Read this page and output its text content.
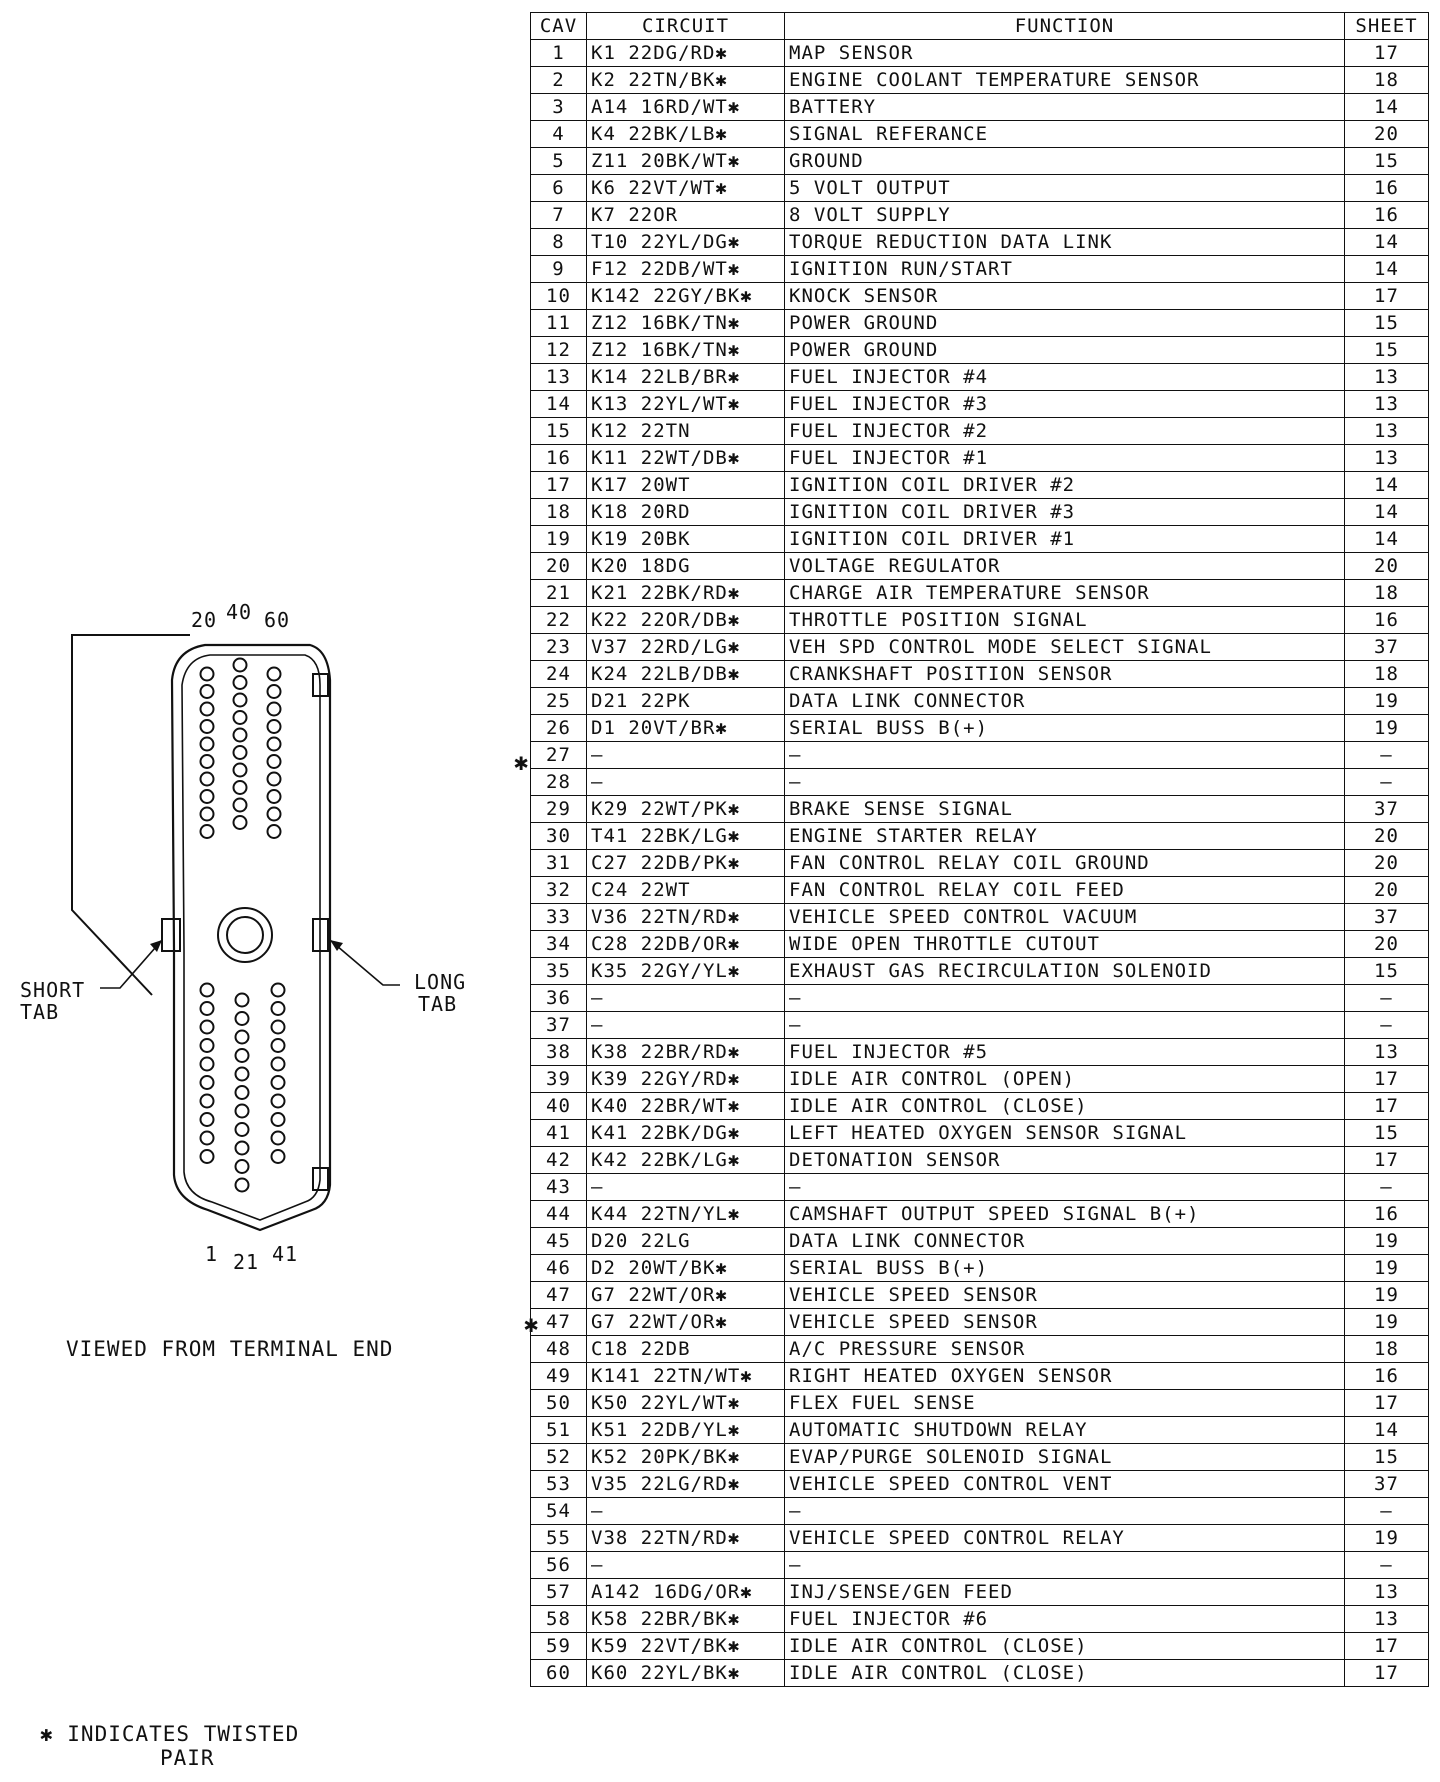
20 40 60
1 21 41
SHORT
TAB
LONG
TAB
VIEWED FROM TERMINAL END
✱ INDICATES TWISTED
PAIR
✱
✱
CAV	CIRCUIT	FUNCTION	SHEET
1	K1 22DG/RD✱	MAP SENSOR	17
2	K2 22TN/BK✱	ENGINE COOLANT TEMPERATURE SENSOR	18
3	A14 16RD/WT✱	BATTERY	14
4	K4 22BK/LB✱	SIGNAL REFERANCE	20
5	Z11 20BK/WT✱	GROUND	15
6	K6 22VT/WT✱	5 VOLT OUTPUT	16
7	K7 22OR	8 VOLT SUPPLY	16
8	T10 22YL/DG✱	TORQUE REDUCTION DATA LINK	14
9	F12 22DB/WT✱	IGNITION RUN/START	14
10	K142 22GY/BK✱	KNOCK SENSOR	17
11	Z12 16BK/TN✱	POWER GROUND	15
12	Z12 16BK/TN✱	POWER GROUND	15
13	K14 22LB/BR✱	FUEL INJECTOR #4	13
14	K13 22YL/WT✱	FUEL INJECTOR #3	13
15	K12 22TN	FUEL INJECTOR #2	13
16	K11 22WT/DB✱	FUEL INJECTOR #1	13
17	K17 20WT	IGNITION COIL DRIVER #2	14
18	K18 20RD	IGNITION COIL DRIVER #3	14
19	K19 20BK	IGNITION COIL DRIVER #1	14
20	K20 18DG	VOLTAGE REGULATOR	20
21	K21 22BK/RD✱	CHARGE AIR TEMPERATURE SENSOR	18
22	K22 22OR/DB✱	THROTTLE POSITION SIGNAL	16
23	V37 22RD/LG✱	VEH SPD CONTROL MODE SELECT SIGNAL	37
24	K24 22LB/DB✱	CRANKSHAFT POSITION SENSOR	18
25	D21 22PK	DATA LINK CONNECTOR	19
26	D1 20VT/BR✱	SERIAL BUSS B(+)	19
27	—	—	—
28	—	—	—
29	K29 22WT/PK✱	BRAKE SENSE SIGNAL	37
30	T41 22BK/LG✱	ENGINE STARTER RELAY	20
31	C27 22DB/PK✱	FAN CONTROL RELAY COIL GROUND	20
32	C24 22WT	FAN CONTROL RELAY COIL FEED	20
33	V36 22TN/RD✱	VEHICLE SPEED CONTROL VACUUM	37
34	C28 22DB/OR✱	WIDE OPEN THROTTLE CUTOUT	20
35	K35 22GY/YL✱	EXHAUST GAS RECIRCULATION SOLENOID	15
36	—	—	—
37	—	—	—
38	K38 22BR/RD✱	FUEL INJECTOR #5	13
39	K39 22GY/RD✱	IDLE AIR CONTROL (OPEN)	17
40	K40 22BR/WT✱	IDLE AIR CONTROL (CLOSE)	17
41	K41 22BK/DG✱	LEFT HEATED OXYGEN SENSOR SIGNAL	15
42	K42 22BK/LG✱	DETONATION SENSOR	17
43	—	—	—
44	K44 22TN/YL✱	CAMSHAFT OUTPUT SPEED SIGNAL B(+)	16
45	D20 22LG	DATA LINK CONNECTOR	19
46	D2 20WT/BK✱	SERIAL BUSS B(+)	19
47	G7 22WT/OR✱	VEHICLE SPEED SENSOR	19
47	G7 22WT/OR✱	VEHICLE SPEED SENSOR	19
48	C18 22DB	A/C PRESSURE SENSOR	18
49	K141 22TN/WT✱	RIGHT HEATED OXYGEN SENSOR	16
50	K50 22YL/WT✱	FLEX FUEL SENSE	17
51	K51 22DB/YL✱	AUTOMATIC SHUTDOWN RELAY	14
52	K52 20PK/BK✱	EVAP/PURGE SOLENOID SIGNAL	15
53	V35 22LG/RD✱	VEHICLE SPEED CONTROL VENT	37
54	—	—	—
55	V38 22TN/RD✱	VEHICLE SPEED CONTROL RELAY	19
56	—	—	—
57	A142 16DG/OR✱	INJ/SENSE/GEN FEED	13
58	K58 22BR/BK✱	FUEL INJECTOR #6	13
59	K59 22VT/BK✱	IDLE AIR CONTROL (CLOSE)	17
60	K60 22YL/BK✱	IDLE AIR CONTROL (CLOSE)	17
